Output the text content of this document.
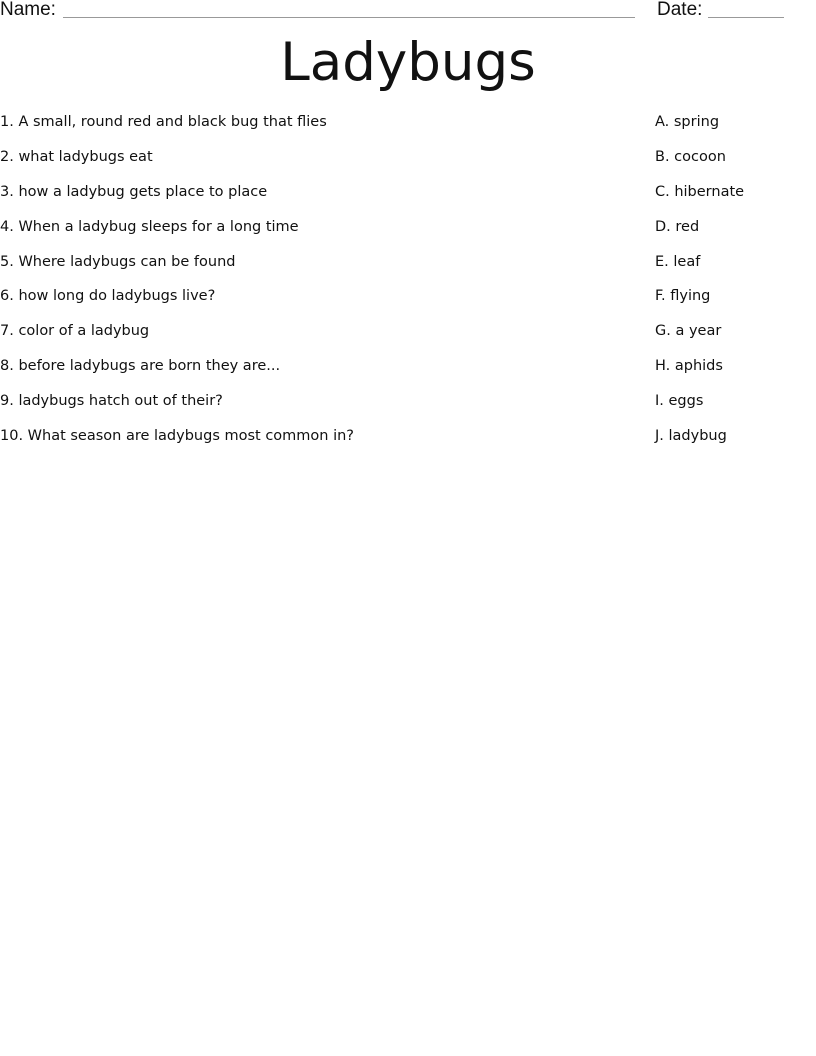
Name:	Date:
Ladybugs
1. A small, round red and black bug that flies
2. what ladybugs eat
3. how a ladybug gets place to place
4. When a ladybug sleeps for a long time
5. Where ladybugs can be found
6. how long do ladybugs live?
7. color of a ladybug
8. before ladybugs are born they are...
9. ladybugs hatch out of their?
10. What season are ladybugs most common in?
A. spring
B. cocoon
C. hibernate
D. red
E. leaf
F. flying
G. a year
H. aphids
I. eggs
J. ladybug
